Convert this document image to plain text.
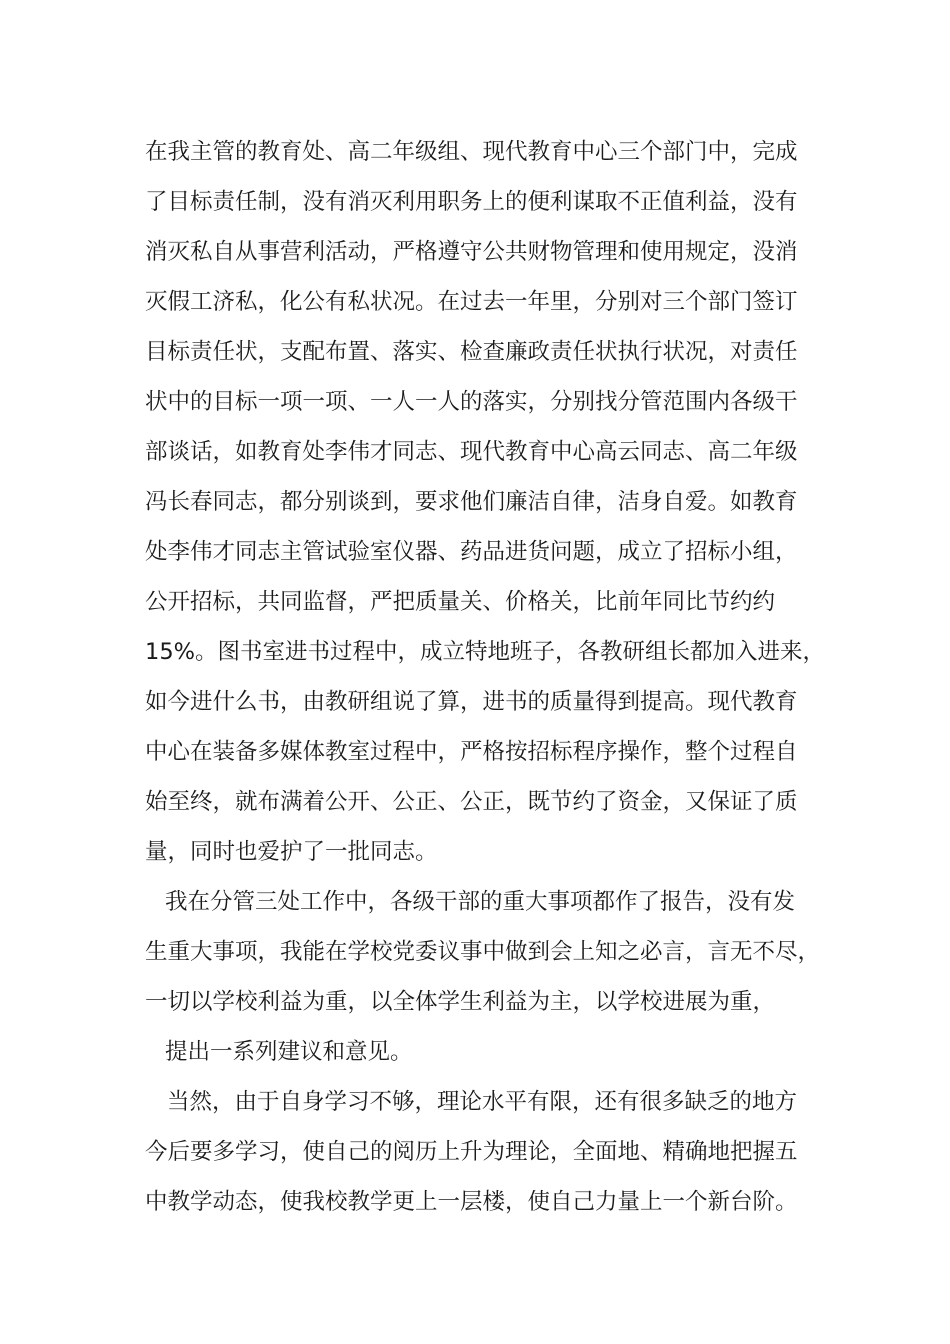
在我主管的教育处、高二年级组、现代教育中心三个部门中，完成
了目标责任制，没有消灭利用职务上的便利谋取不正值利益，没有
消灭私自从事营利活动，严格遵守公共财物管理和使用规定，没消
灭假工济私，化公有私状况。在过去一年里，分别对三个部门签订
目标责任状，支配布置、落实、检查廉政责任状执行状况，对责任
状中的目标一项一项、一人一人的落实，分别找分管范围内各级干
部谈话，如教育处李伟才同志、现代教育中心高云同志、高二年级
冯长春同志，都分别谈到，要求他们廉洁自律，洁身自爱。如教育
处李伟才同志主管试验室仪器、药品进货问题，成立了招标小组，
公开招标，共同监督，严把质量关、价格关，比前年同比节约约
15%。图书室进书过程中，成立特地班子，各教研组长都加入进来，
如今进什么书，由教研组说了算，进书的质量得到提高。现代教育
中心在装备多媒体教室过程中，严格按招标程序操作，整个过程自
始至终，就布满着公开、公正、公正，既节约了资金，又保证了质
量，同时也爱护了一批同志。
我在分管三处工作中，各级干部的重大事项都作了报告，没有发
生重大事项，我能在学校党委议事中做到会上知之必言，言无不尽，
一切以学校利益为重，以全体学生利益为主，以学校进展为重，
提出一系列建议和意见。
当然，由于自身学习不够，理论水平有限，还有很多缺乏的地方
今后要多学习，使自己的阅历上升为理论，全面地、精确地把握五
中教学动态，使我校教学更上一层楼，使自己力量上一个新台阶。
